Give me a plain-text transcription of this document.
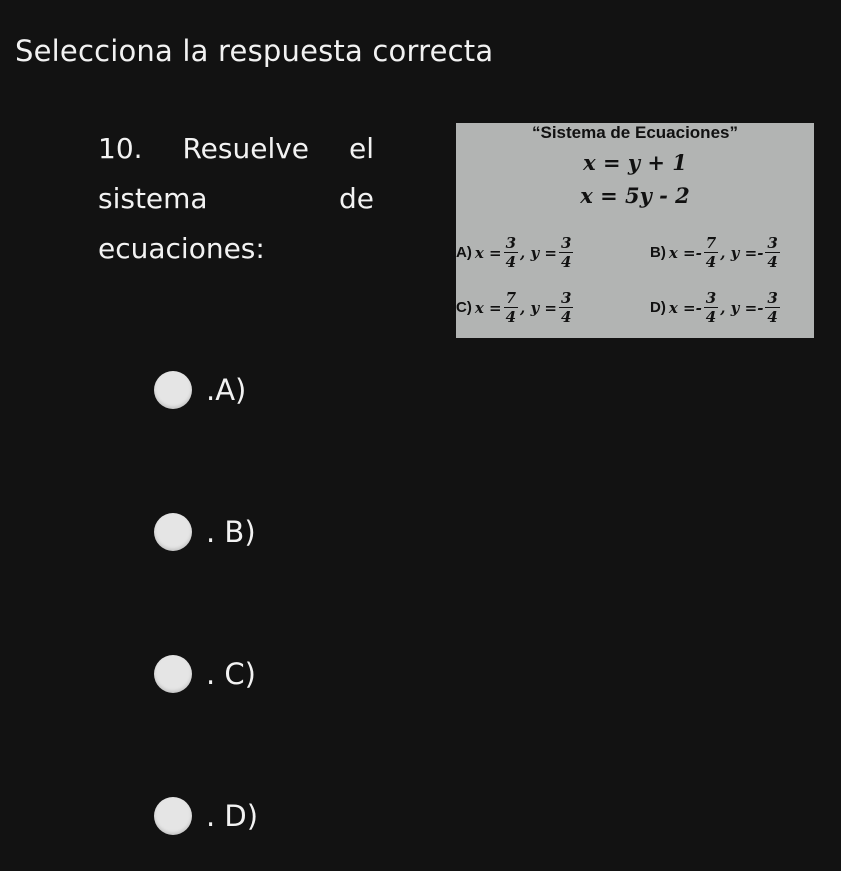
Selecciona la respuesta correcta
10. Resuelve el
sistema	de
ecuaciones:
“Sistema de Ecuaciones”
x = y + 1
x = 5y - 2
A) $x = \frac{3}{4}$ , $y = \frac{3}{4}$	B) x = - $\frac{7}{4}$ , y = - $\frac{3}{4}$
C) $x = \frac{7}{4}$ , $y = \frac{3}{4}$	D) x = - $\frac{3}{4}$ , y = - $\frac{3}{4}$
.A)
. B)
. C)
. D)
